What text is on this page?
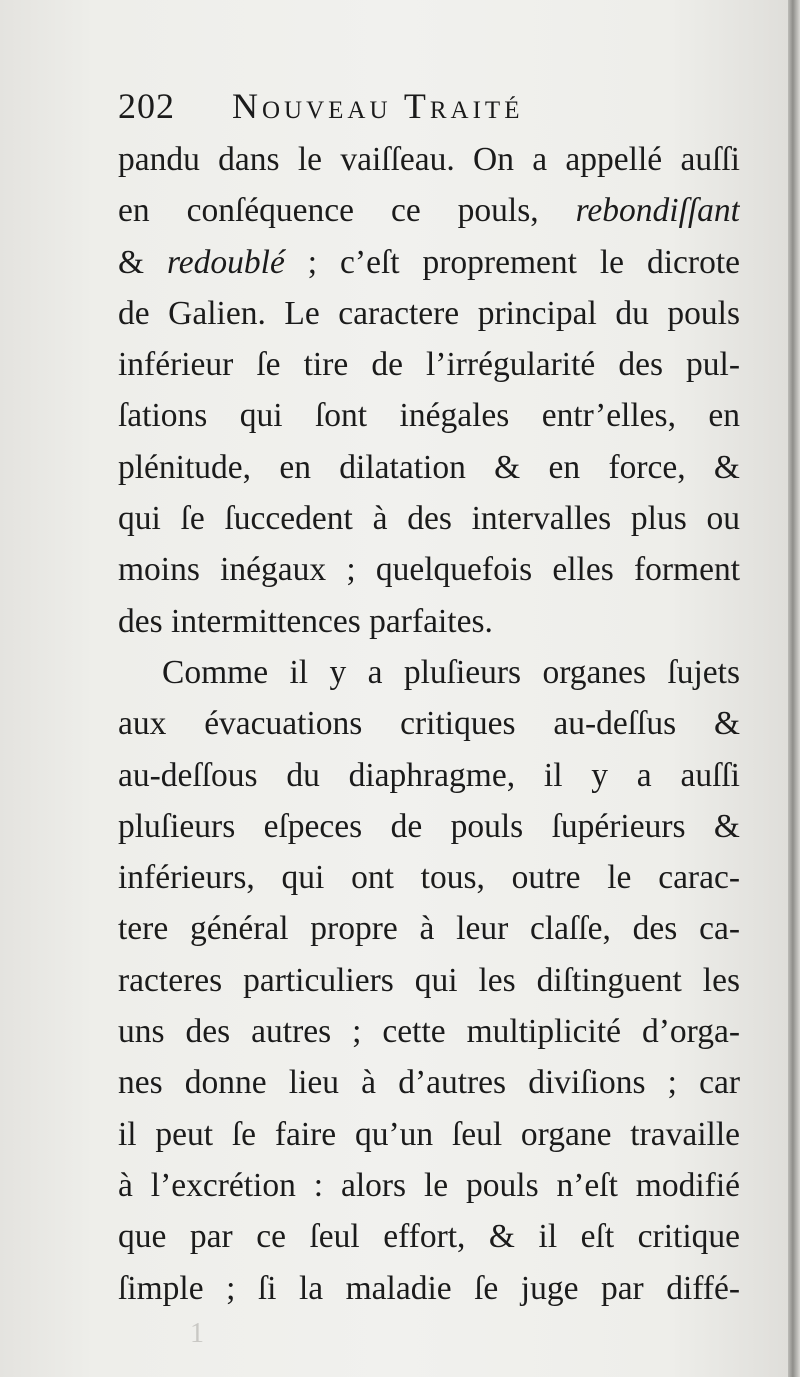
202 Nouveau Traité
pandu dans le vaiſſeau. On a appellé auſſi
en conſéquence ce pouls, rebondiſſant
& redoublé ; c’eſt proprement le dicrote
de Galien. Le caractere principal du pouls
inférieur ſe tire de l’irrégularité des pul-
ſations qui ſont inégales entr’elles, en
plénitude, en dilatation & en force, &
qui ſe ſuccedent à des intervalles plus ou
moins inégaux ; quelquefois elles forment
des intermittences parfaites.
Comme il y a pluſieurs organes ſujets
aux évacuations critiques au-deſſus &
au-deſſous du diaphragme, il y a auſſi
pluſieurs eſpeces de pouls ſupérieurs &
inférieurs, qui ont tous, outre le carac-
tere général propre à leur claſſe, des ca-
racteres particuliers qui les diſtinguent les
uns des autres ; cette multiplicité d’orga-
nes donne lieu à d’autres diviſions ; car
il peut ſe faire qu’un ſeul organe travaille
à l’excrétion : alors le pouls n’eſt modifié
que par ce ſeul effort, & il eſt critique
ſimple ; ſi la maladie ſe juge par diffé-
1
